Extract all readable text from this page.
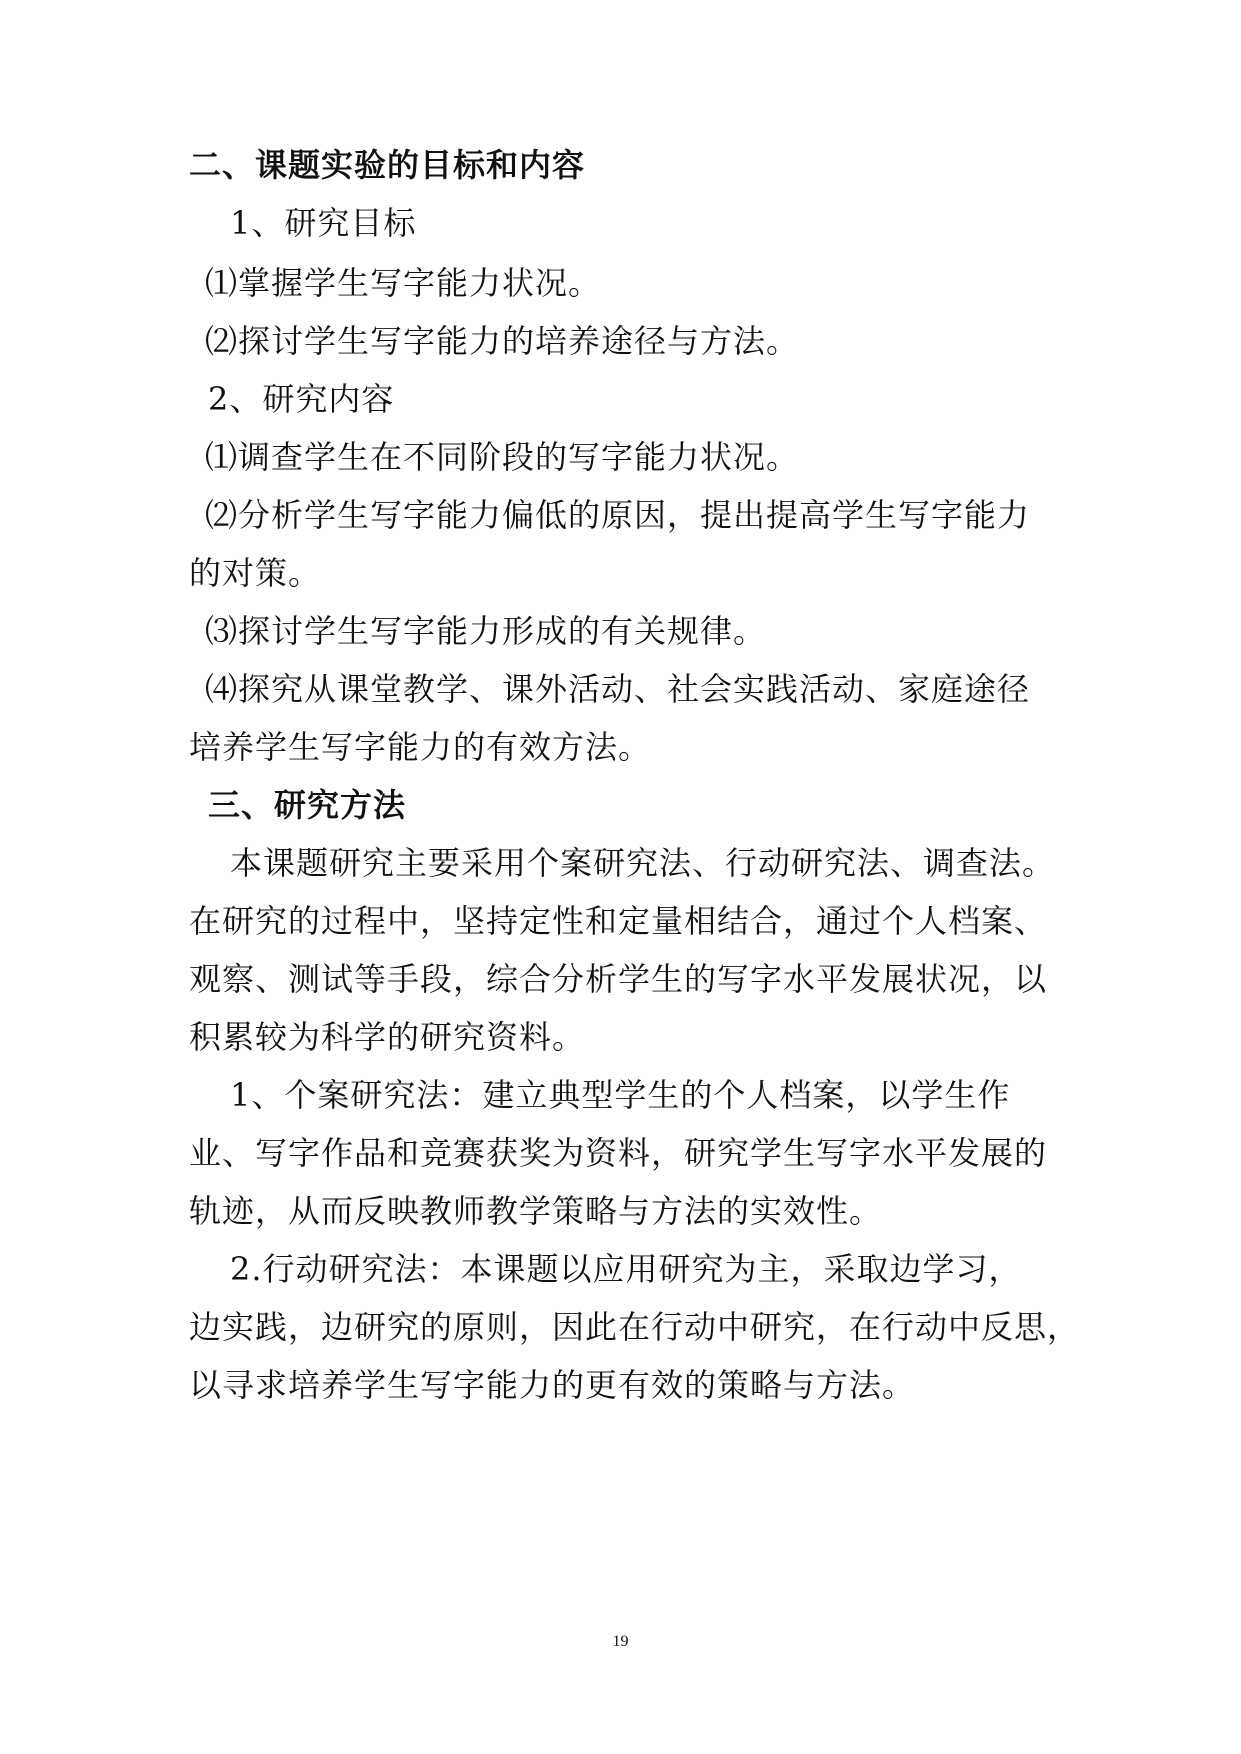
二、课题实验的目标和内容
1、研究目标
⑴掌握学生写字能力状况。
⑵探讨学生写字能力的培养途径与方法。
2、研究内容
⑴调查学生在不同阶段的写字能力状况。
⑵分析学生写字能力偏低的原因，提出提高学生写字能力
的对策。
⑶探讨学生写字能力形成的有关规律。
⑷探究从课堂教学、课外活动、社会实践活动、家庭途径
培养学生写字能力的有效方法。
三、研究方法
本课题研究主要采用个案研究法、行动研究法、调查法。
在研究的过程中，坚持定性和定量相结合，通过个人档案、
观察、测试等手段，综合分析学生的写字水平发展状况，以
积累较为科学的研究资料。
1、个案研究法：建立典型学生的个人档案，以学生作
业、写字作品和竞赛获奖为资料，研究学生写字水平发展的
轨迹，从而反映教师教学策略与方法的实效性。
2.行动研究法：本课题以应用研究为主，采取边学习，
边实践，边研究的原则，因此在行动中研究，在行动中反思，
以寻求培养学生写字能力的更有效的策略与方法。
19
